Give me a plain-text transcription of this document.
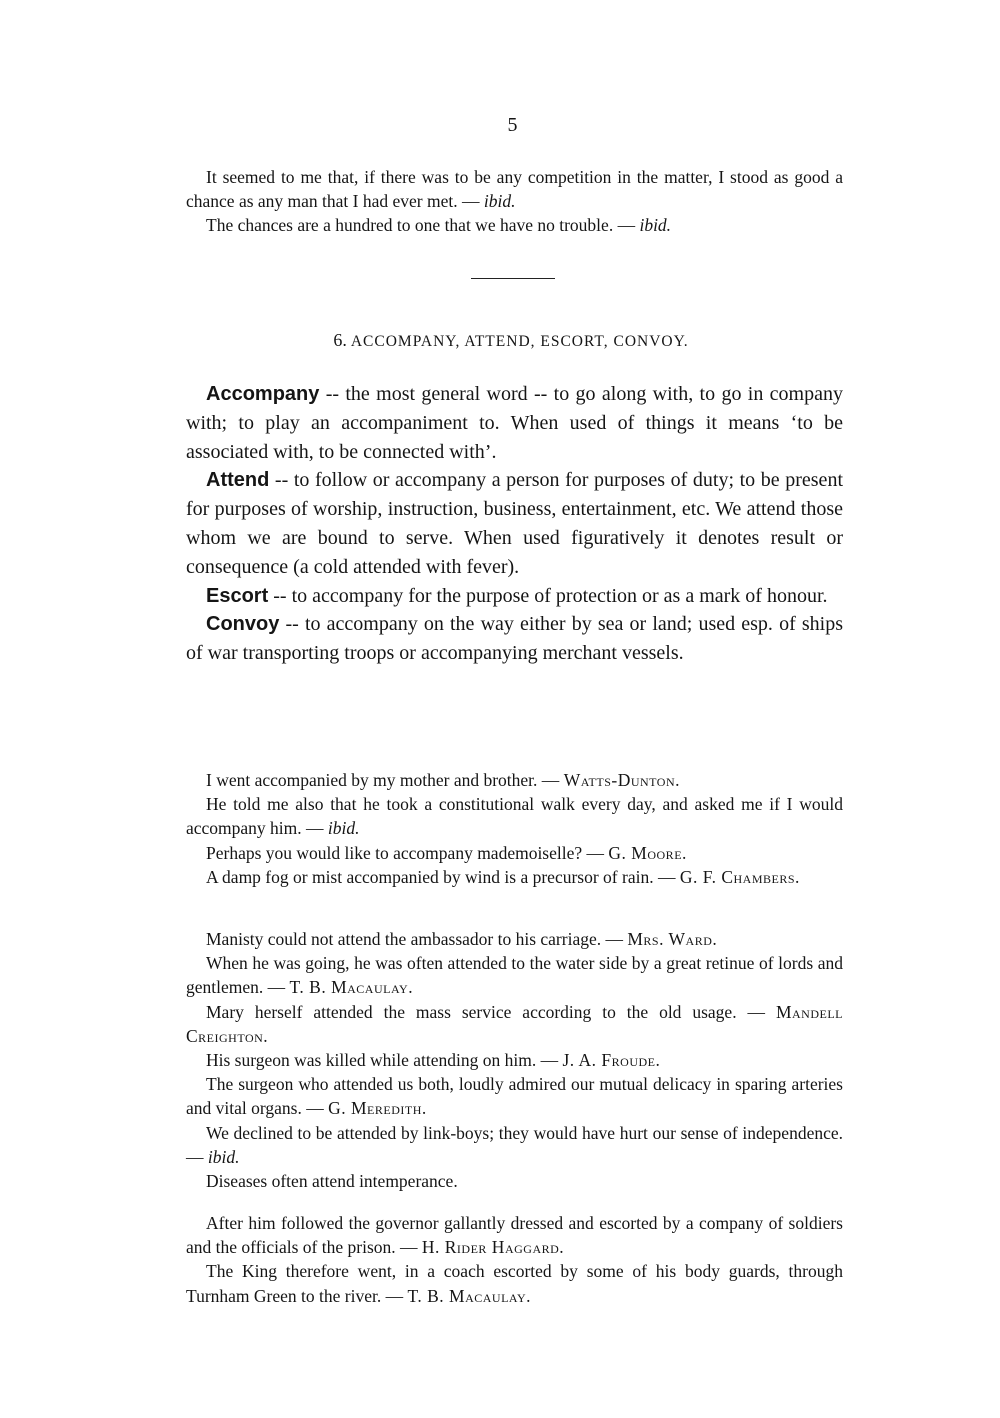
5

It seemed to me that, if there was to be any competition in the matter, I stood as good a chance as any man that I had ever met. — ibid.

The chances are a hundred to one that we have no trouble. — ibid.

6. ACCOMPANY, ATTEND, ESCORT, CONVOY.

Accompany -- the most general word -- to go along with, to go in company with; to play an accompaniment to. When used of things it means ‘to be associated with, to be connected with’.

Attend -- to follow or accompany a person for purposes of duty; to be present for purposes of worship, instruction, business, entertainment, etc. We attend those whom we are bound to serve. When used figuratively it denotes result or consequence (a cold attended with fever).

Escort -- to accompany for the purpose of protection or as a mark of honour.

Convoy -- to accompany on the way either by sea or land; used esp. of ships of war transporting troops or accompanying merchant vessels.

I went accompanied by my mother and brother. — Watts-Dunton.

He told me also that he took a constitutional walk every day, and asked me if I would accompany him. — ibid.

Perhaps you would like to accompany mademoiselle? — G. Moore.

A damp fog or mist accompanied by wind is a precursor of rain. — G. F. Chambers.

Manisty could not attend the ambassador to his carriage. — Mrs. Ward.

When he was going, he was often attended to the water side by a great retinue of lords and gentlemen. — T. B. Macaulay.

Mary herself attended the mass service according to the old usage. — Mandell Creighton.

His surgeon was killed while attending on him. — J. A. Froude.

The surgeon who attended us both, loudly admired our mutual delicacy in sparing arteries and vital organs. — G. Meredith.

We declined to be attended by link-boys; they would have hurt our sense of independence. — ibid.

Diseases often attend intemperance.

After him followed the governor gallantly dressed and escorted by a company of soldiers and the officials of the prison. — H. Rider Haggard.

The King therefore went, in a coach escorted by some of his body guards, through Turnham Green to the river. — T. B. Macaulay.
